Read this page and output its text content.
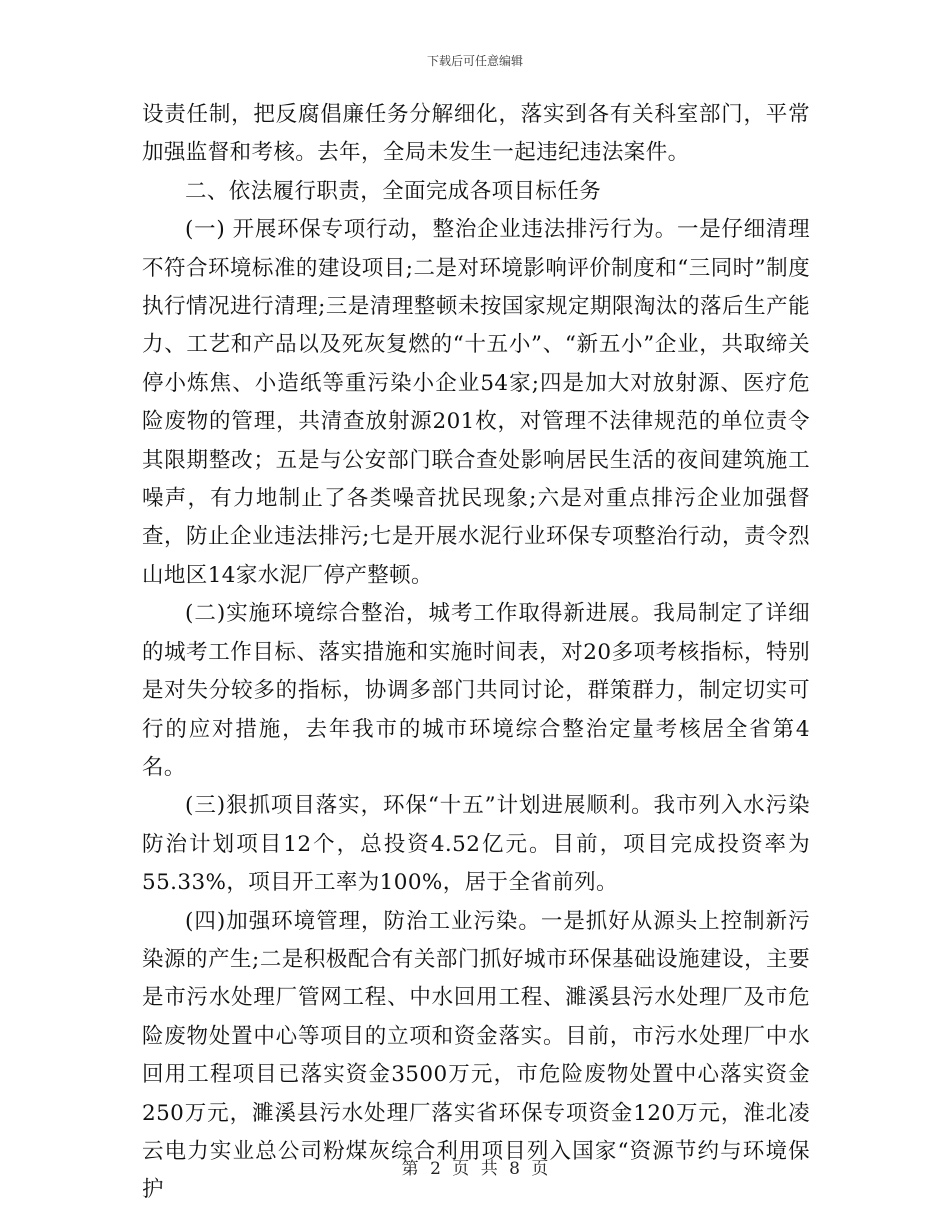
下载后可任意编辑

设责任制，把反腐倡廉任务分解细化，落实到各有关科室部门，平常加强监督和考核。去年，全局未发生一起违纪违法案件。

二、依法履行职责，全面完成各项目标任务

(一) 开展环保专项行动，整治企业违法排污行为。一是仔细清理不符合环境标准的建设项目;二是对环境影响评价制度和“三同时”制度执行情况进行清理;三是清理整顿未按国家规定期限淘汰的落后生产能力、工艺和产品以及死灰复燃的“十五小”、“新五小”企业，共取缔关停小炼焦、小造纸等重污染小企业54家;四是加大对放射源、医疗危险废物的管理，共清查放射源201枚，对管理不法律规范的单位责令其限期整改；五是与公安部门联合查处影响居民生活的夜间建筑施工噪声，有力地制止了各类噪音扰民现象;六是对重点排污企业加强督查，防止企业违法排污;七是开展水泥行业环保专项整治行动，责令烈山地区14家水泥厂停产整顿。

(二)实施环境综合整治，城考工作取得新进展。我局制定了详细的城考工作目标、落实措施和实施时间表，对20多项考核指标，特别是对失分较多的指标，协调多部门共同讨论，群策群力，制定切实可行的应对措施，去年我市的城市环境综合整治定量考核居全省第4名。

(三)狠抓项目落实，环保“十五”计划进展顺利。我市列入水污染防治计划项目12个，总投资4.52亿元。目前，项目完成投资率为55.33%，项目开工率为100%，居于全省前列。

(四)加强环境管理，防治工业污染。一是抓好从源头上控制新污染源的产生;二是积极配合有关部门抓好城市环保基础设施建设，主要是市污水处理厂管网工程、中水回用工程、濉溪县污水处理厂及市危险废物处置中心等项目的立项和资金落实。目前，市污水处理厂中水回用工程项目已落实资金3500万元，市危险废物处置中心落实资金250万元，濉溪县污水处理厂落实省环保专项资金120万元，淮北凌云电力实业总公司粉煤灰综合利用项目列入国家“资源节约与环境保护

第 2 页 共 8 页
